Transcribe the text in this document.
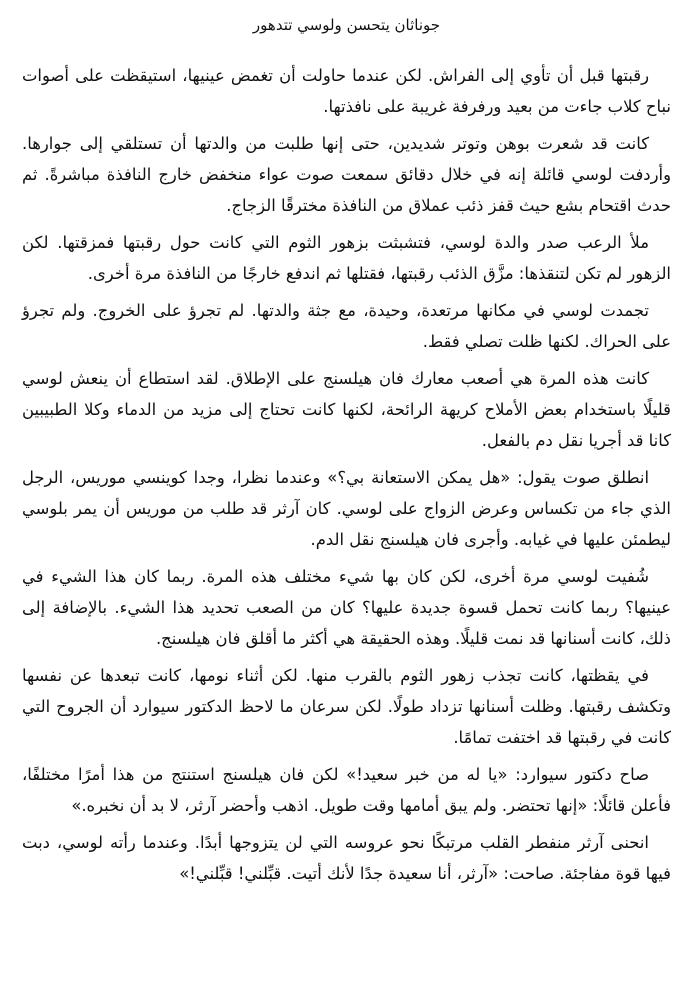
جوناثان يتحسن ولوسي تتدهور

رقبتها قبل أن تأوي إلى الفراش. لكن عندما حاولت أن تغمض عينيها، استيقظت على أصوات نباح كلاب جاءت من بعيد ورفرفة غريبة على نافذتها.

كانت قد شعرت بوهن وتوتر شديدين، حتى إنها طلبت من والدتها أن تستلقي إلى جوارها. وأردفت لوسي قائلة إنه في خلال دقائق سمعت صوت عواء منخفض خارج النافذة مباشرةً. ثم حدث اقتحام بشع حيث قفز ذئب عملاق من النافذة مخترقًا الزجاج.

ملأ الرعب صدر والدة لوسي، فتشبثت بزهور الثوم التي كانت حول رقبتها فمزقتها. لكن الزهور لم تكن لتنقذها: مزَّق الذئب رقبتها، فقتلها ثم اندفع خارجًا من النافذة مرة أخرى.

تجمدت لوسي في مكانها مرتعدة، وحيدة، مع جثة والدتها. لم تجرؤ على الخروج. ولم تجرؤ على الحراك. لكنها ظلت تصلي فقط.

كانت هذه المرة هي أصعب معارك فان هيلسنج على الإطلاق. لقد استطاع أن ينعش لوسي قليلًا باستخدام بعض الأملاح كريهة الرائحة، لكنها كانت تحتاج إلى مزيد من الدماء وكلا الطبيبين كانا قد أجريا نقل دم بالفعل.

انطلق صوت يقول: «هل يمكن الاستعانة بي؟» وعندما نظرا، وجدا كوينسي موريس، الرجل الذي جاء من تكساس وعرض الزواج على لوسي. كان آرثر قد طلب من موريس أن يمر بلوسي ليطمئن عليها في غيابه. وأجرى فان هيلسنج نقل الدم.

شُفيت لوسي مرة أخرى، لكن كان بها شيء مختلف هذه المرة. ربما كان هذا الشيء في عينيها؟ ربما كانت تحمل قسوة جديدة عليها؟ كان من الصعب تحديد هذا الشيء. بالإضافة إلى ذلك، كانت أسنانها قد نمت قليلًا. وهذه الحقيقة هي أكثر ما أقلق فان هيلسنج.

في يقظتها، كانت تجذب زهور الثوم بالقرب منها. لكن أثناء نومها، كانت تبعدها عن نفسها وتكشف رقبتها. وظلت أسنانها تزداد طولًا. لكن سرعان ما لاحظ الدكتور سيوارد أن الجروح التي كانت في رقبتها قد اختفت تمامًا.

صاح دكتور سيوارد: «يا له من خبر سعيد!» لكن فان هيلسنج استنتج من هذا أمرًا مختلفًا، فأعلن قائلًا: «إنها تحتضر. ولم يبق أمامها وقت طويل. اذهب وأحضر آرثر، لا بد أن نخبره.»

انحنى آرثر منفطر القلب مرتبكًا نحو عروسه التي لن يتزوجها أبدًا. وعندما رأته لوسي، دبت فيها قوة مفاجئة. صاحت: «آرثر، أنا سعيدة جدًا لأنك أتيت. قبِّلني! قبِّلني!»
